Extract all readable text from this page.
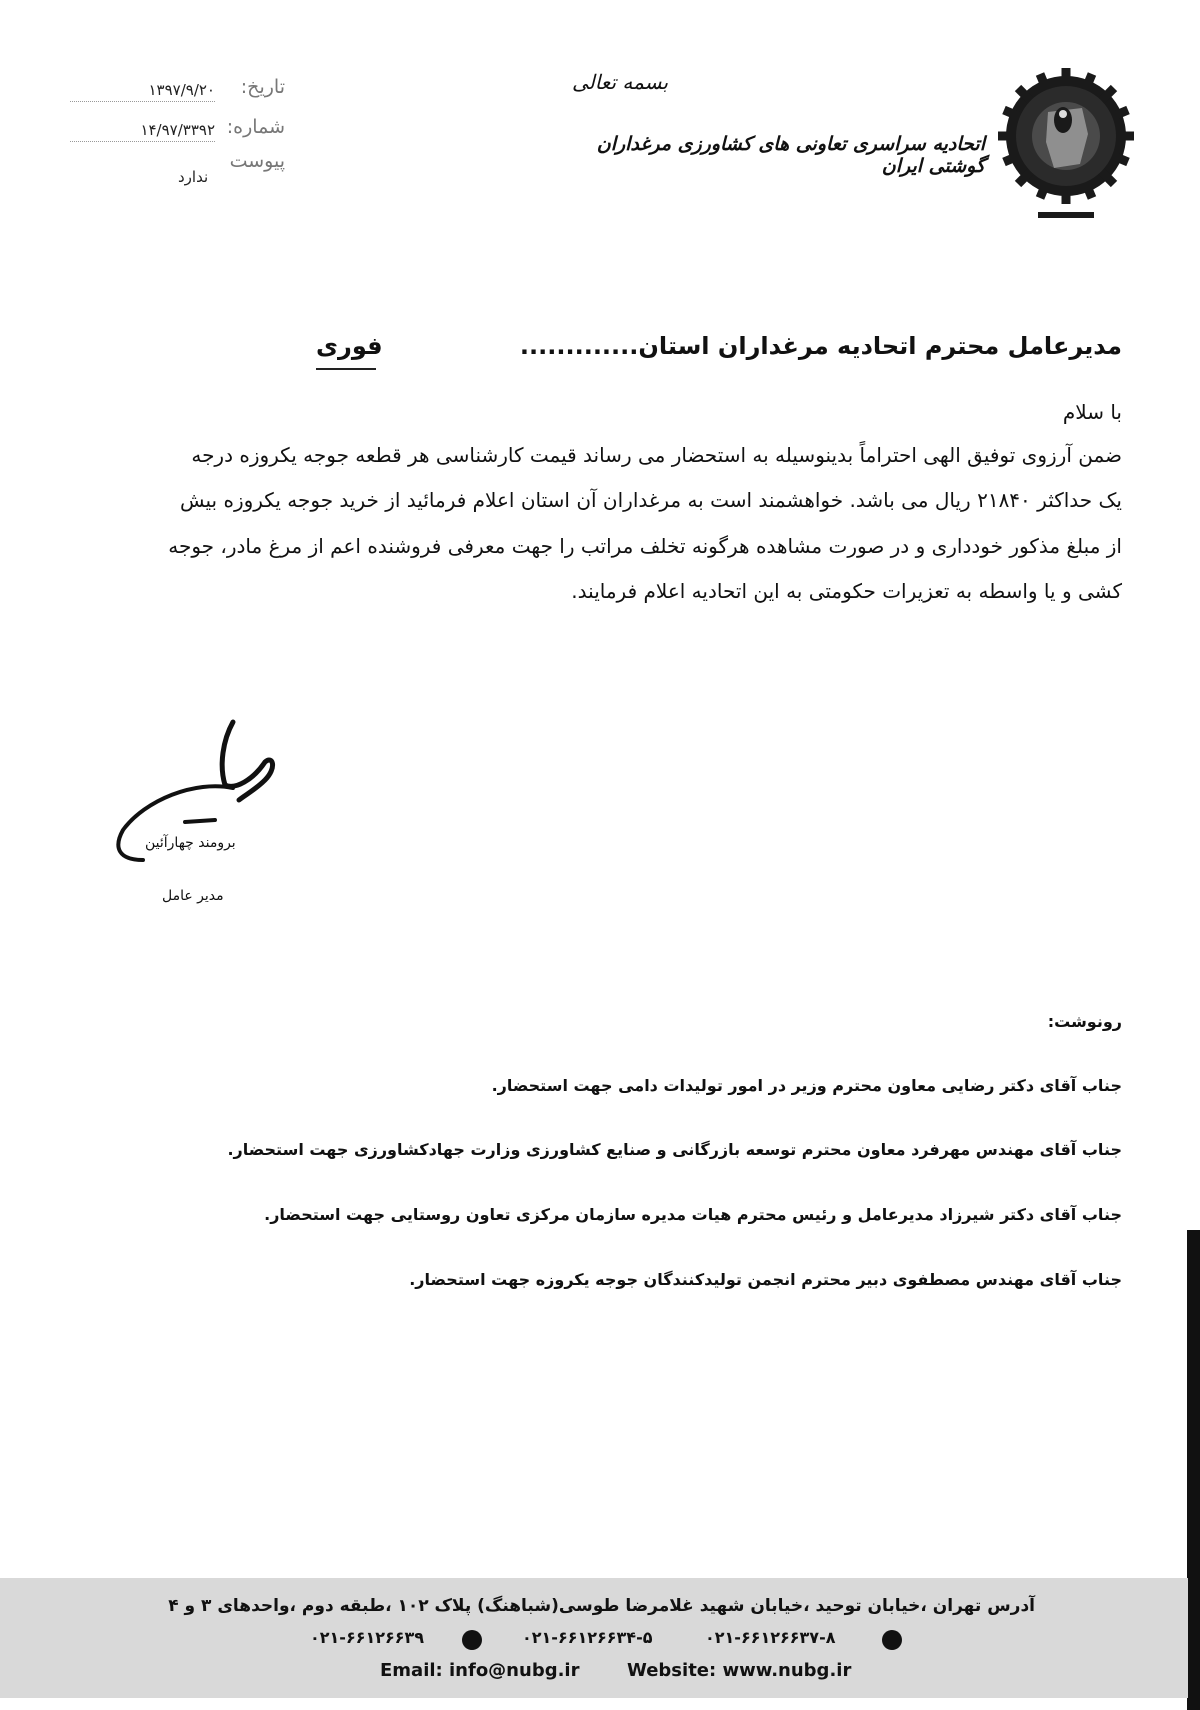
تاریخ:
۱۳۹۷/۹/۲۰
شماره:
۱۴/۹۷/۳۳۹۲
پیوست
ندارد
بسمه تعالی
اتحادیه سراسری تعاونی های کشاورزی مرغداران گوشتی ایران
مدیرعامل محترم اتحادیه مرغداران استان.............
فوری
با سلام
ضمن آرزوی توفیق الهی احتراماً بدینوسیله به استحضار می رساند قیمت کارشناسی هر قطعه جوجه یکروزه درجه
یک حداکثر ۲۱۸۴۰ ریال می باشد. خواهشمند است به مرغداران آن استان اعلام فرمائید از خرید جوجه یکروزه بیش
از مبلغ مذکور خودداری و در صورت مشاهده هرگونه تخلف مراتب را جهت معرفی فروشنده اعم از مرغ مادر، جوجه
کشی و یا واسطه به تعزیرات حکومتی به این اتحادیه اعلام فرمایند.
برومند چهارآئین
مدیر عامل
رونوشت:
جناب آقای دکتر رضایی معاون محترم وزیر در امور تولیدات دامی جهت استحضار.
جناب آقای مهندس مهرفرد معاون محترم توسعه بازرگانی و صنایع کشاورزی وزارت جهادکشاورزی جهت استحضار.
جناب آقای دکتر شیرزاد مدیرعامل و رئیس محترم هیات مدیره سازمان مرکزی تعاون روستایی جهت استحضار.
جناب آقای مهندس مصطفوی دبیر محترم انجمن تولیدکنندگان جوجه یکروزه جهت استحضار.
آدرس تهران ،خیابان توحید ،خیابان شهید غلامرضا طوسی(شباهنگ) پلاک ۱۰۲ ،طبقه دوم ،واحدهای ۳ و ۴
۰۲۱-۶۶۱۲۶۶۳۹	۰۲۱-۶۶۱۲۶۶۳۴-۵	۰۲۱-۶۶۱۲۶۶۳۷-۸
Email: info@nubg.ir	Website: www.nubg.ir
